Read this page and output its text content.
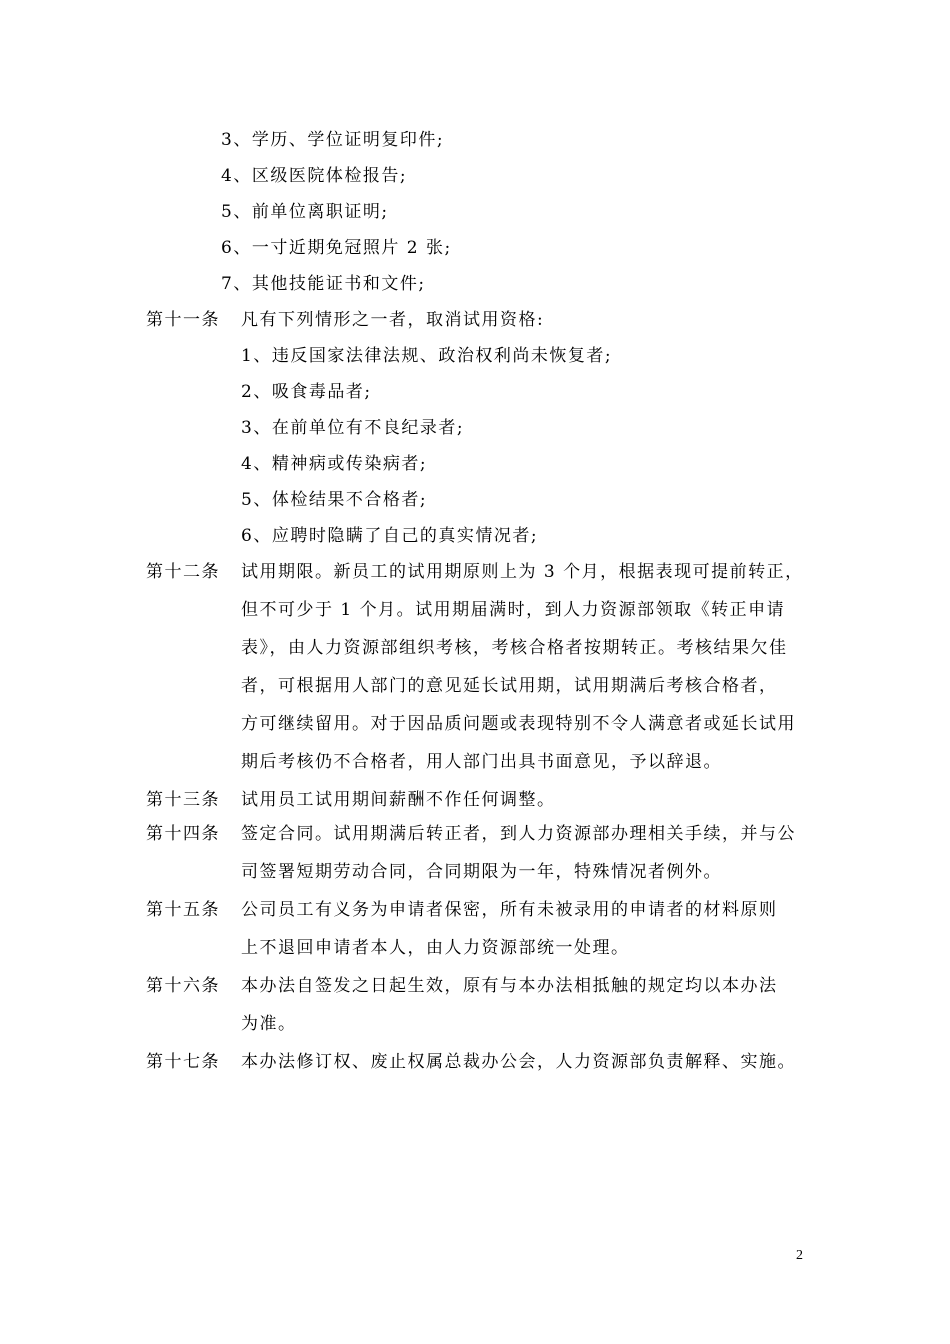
3、学历、学位证明复印件;
4、区级医院体检报告;
5、前单位离职证明;
6、一寸近期免冠照片 2 张;
7、其他技能证书和文件;
第十一条 凡有下列情形之一者，取消试用资格:
1、违反国家法律法规、政治权利尚未恢复者;
2、吸食毒品者;
3、在前单位有不良纪录者;
4、精神病或传染病者;
5、体检结果不合格者;
6、应聘时隐瞒了自己的真实情况者;
第十二条 试用期限。新员工的试用期原则上为 3 个月，根据表现可提前转正，
但不可少于 1 个月。试用期届满时，到人力资源部领取《转正申请
表》，由人力资源部组织考核，考核合格者按期转正。考核结果欠佳
者，可根据用人部门的意见延长试用期，试用期满后考核合格者，
方可继续留用。对于因品质问题或表现特别不令人满意者或延长试用
期后考核仍不合格者，用人部门出具书面意见，予以辞退。
第十三条 试用员工试用期间薪酬不作任何调整。
第十四条 签定合同。试用期满后转正者，到人力资源部办理相关手续，并与公
司签署短期劳动合同，合同期限为一年，特殊情况者例外。
第十五条 公司员工有义务为申请者保密，所有未被录用的申请者的材料原则
上不退回申请者本人，由人力资源部统一处理。
第十六条 本办法自签发之日起生效，原有与本办法相抵触的规定均以本办法
为准。
第十七条 本办法修订权、废止权属总裁办公会，人力资源部负责解释、实施。
2
